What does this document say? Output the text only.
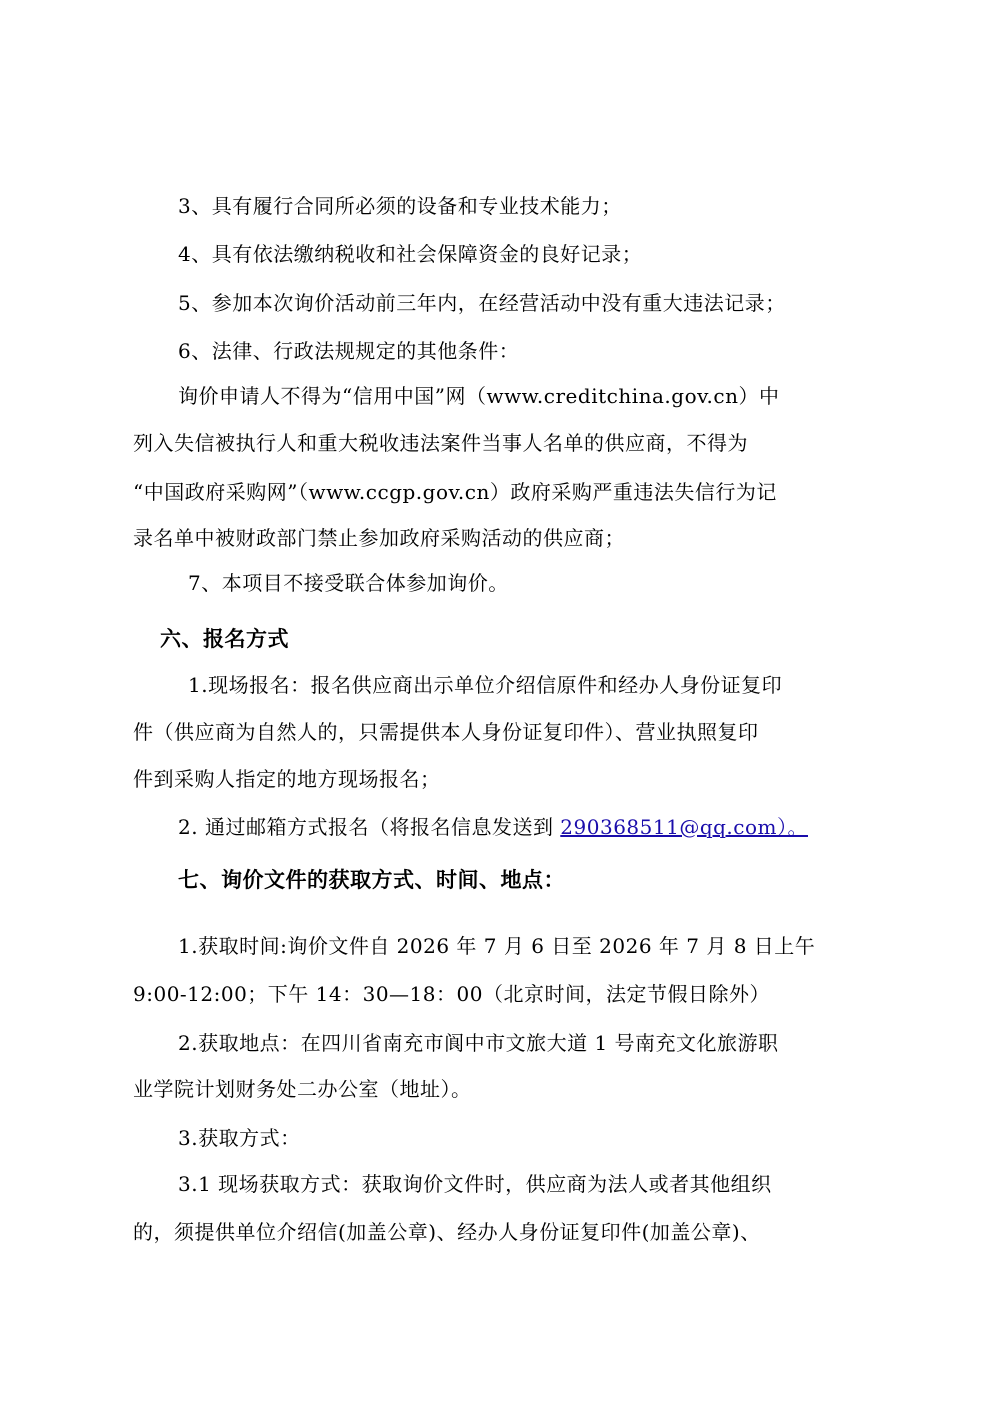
3、具有履行合同所必须的设备和专业技术能力；
4、具有依法缴纳税收和社会保障资金的良好记录；
5、参加本次询价活动前三年内，在经营活动中没有重大违法记录；
6、法律、行政法规规定的其他条件：
询价申请人不得为“信用中国”网（www.creditchina.gov.cn）中
列入失信被执行人和重大税收违法案件当事人名单的供应商，不得为
“中国政府采购网”（www.ccgp.gov.cn）政府采购严重违法失信行为记
录名单中被财政部门禁止参加政府采购活动的供应商；
7、本项目不接受联合体参加询价。
六、报名方式
1.现场报名：报名供应商出示单位介绍信原件和经办人身份证复印
件（供应商为自然人的，只需提供本人身份证复印件）、营业执照复印
件到采购人指定的地方现场报名；
2. 通过邮箱方式报名（将报名信息发送到 290368511@qq.com）。
七、询价文件的获取方式、时间、地点：
1.获取时间:询价文件自 2026 年 7 月 6 日至 2026 年 7 月 8 日上午
9:00-12:00；下午 14：30—18：00（北京时间，法定节假日除外）
2.获取地点：在四川省南充市阆中市文旅大道 1 号南充文化旅游职
业学院计划财务处二办公室（地址）。
3.获取方式：
3.1 现场获取方式：获取询价文件时，供应商为法人或者其他组织
的，须提供单位介绍信(加盖公章)、经办人身份证复印件(加盖公章)、
